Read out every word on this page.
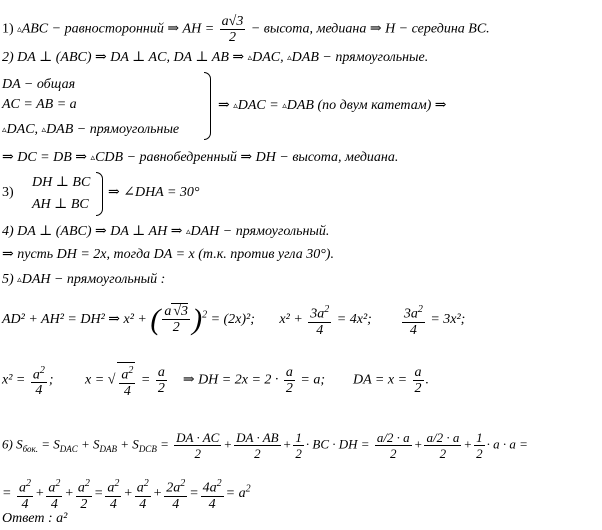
1) ▵ABC − равносторонний ⇒ AH = $\frac{a√3}{2}$ − высота, медиана ⇒ H − середина BC.
2) DA ⊥ (ABC) ⇒ DA ⊥ AC, DA ⊥ AB ⇒ ▵DAC, ▵DAB − прямоугольные.
DA − общая
AC = AB = a
▵DAC, ▵DAB − прямоугольные
⇒ ▵DAC = ▵DAB (по двум катетам) ⇒
⇒ DC = DB ⇒ ▵CDB − равнобедренный ⇒ DH − высота, медиана.
3)
DH ⊥ BC
AH ⊥ BC
⇒ ∠DHA = 30°
4) DA ⊥ (ABC) ⇒ DA ⊥ AH ⇒ ▵DAH − прямоугольный.
⇒ пусть DH = 2x, тогда DA = x (т.к. против угла 30°).
5) ▵DAH − прямоугольный :
AD² + AH² = DH² ⇒ x² + ( $\frac{a √3}{2} )^2 = (2x)^2$; $x^2 + \frac{3a^2}{4} = 4x^2$; $\frac{3a^2}{4} = 3x^2$;
$x^2 = \frac{a^2}{4}$ ; x = √ $\frac{a^2}{4} = \frac{a}{2}$ ⇒ DH = $2x = 2 \cdot \frac{a}{2} = a$; DA = $x = \frac{a}{2}$ .
6) $S_{бок.} = S_{DAC} + S_{DAB} + S_{DCB} = \frac{DA \cdot AC}{2} + \frac{DA \cdot AB}{2} + \frac{1}{2}$ · BC · DH = $\frac{a/2 \cdot a}{2} + \frac{a/2 \cdot a}{2} + \frac{1}{2} \cdot a \cdot a$ =
= $\frac{a^2}{4} + \frac{a^2}{4} + \frac{a^2}{2} = \frac{a^2}{4} + \frac{a^2}{4} + \frac{2a^2}{4} = \frac{4a^2}{4} = a^2$
Ответ : a²
